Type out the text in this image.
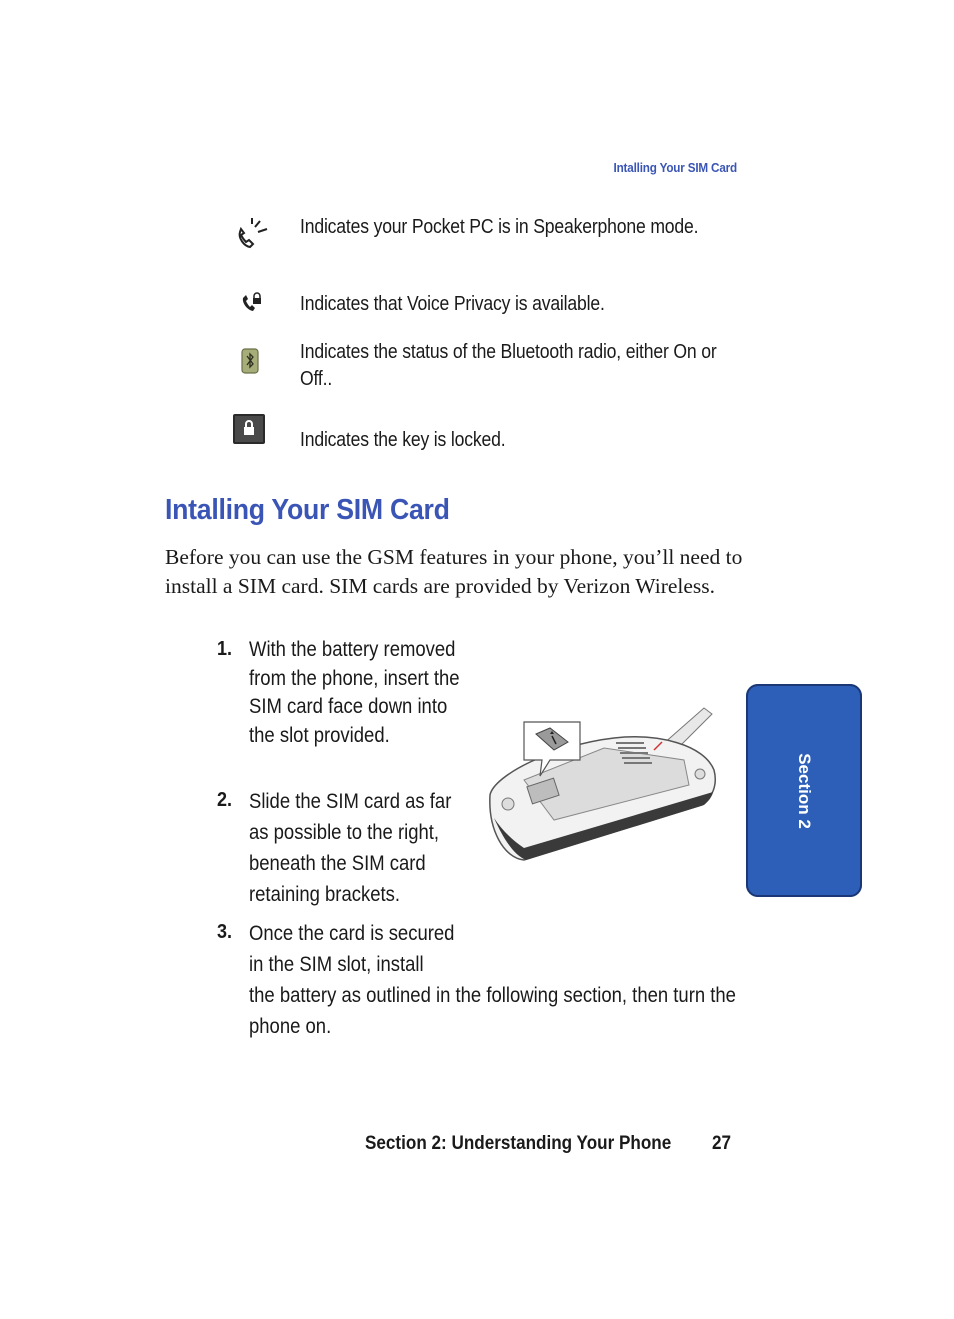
Intalling Your SIM Card
Indicates your Pocket PC is in Speakerphone mode.
Indicates that Voice Privacy is available.
Indicates the status of the Bluetooth radio, either On or Off..
Indicates the key is locked.
Intalling Your SIM Card
Before you can use the GSM features in your phone, you’ll need to install a SIM card. SIM cards are provided by Verizon Wireless.
1. With the battery removed from the phone, insert the SIM card face down into the slot provided.
2. Slide the SIM card as far as possible to the right, beneath the SIM card retaining brackets.
3. Once the card is secured in the SIM slot, install
the battery as outlined in the following section, then turn the phone on.
Section 2
Section 2: Understanding Your Phone 27
